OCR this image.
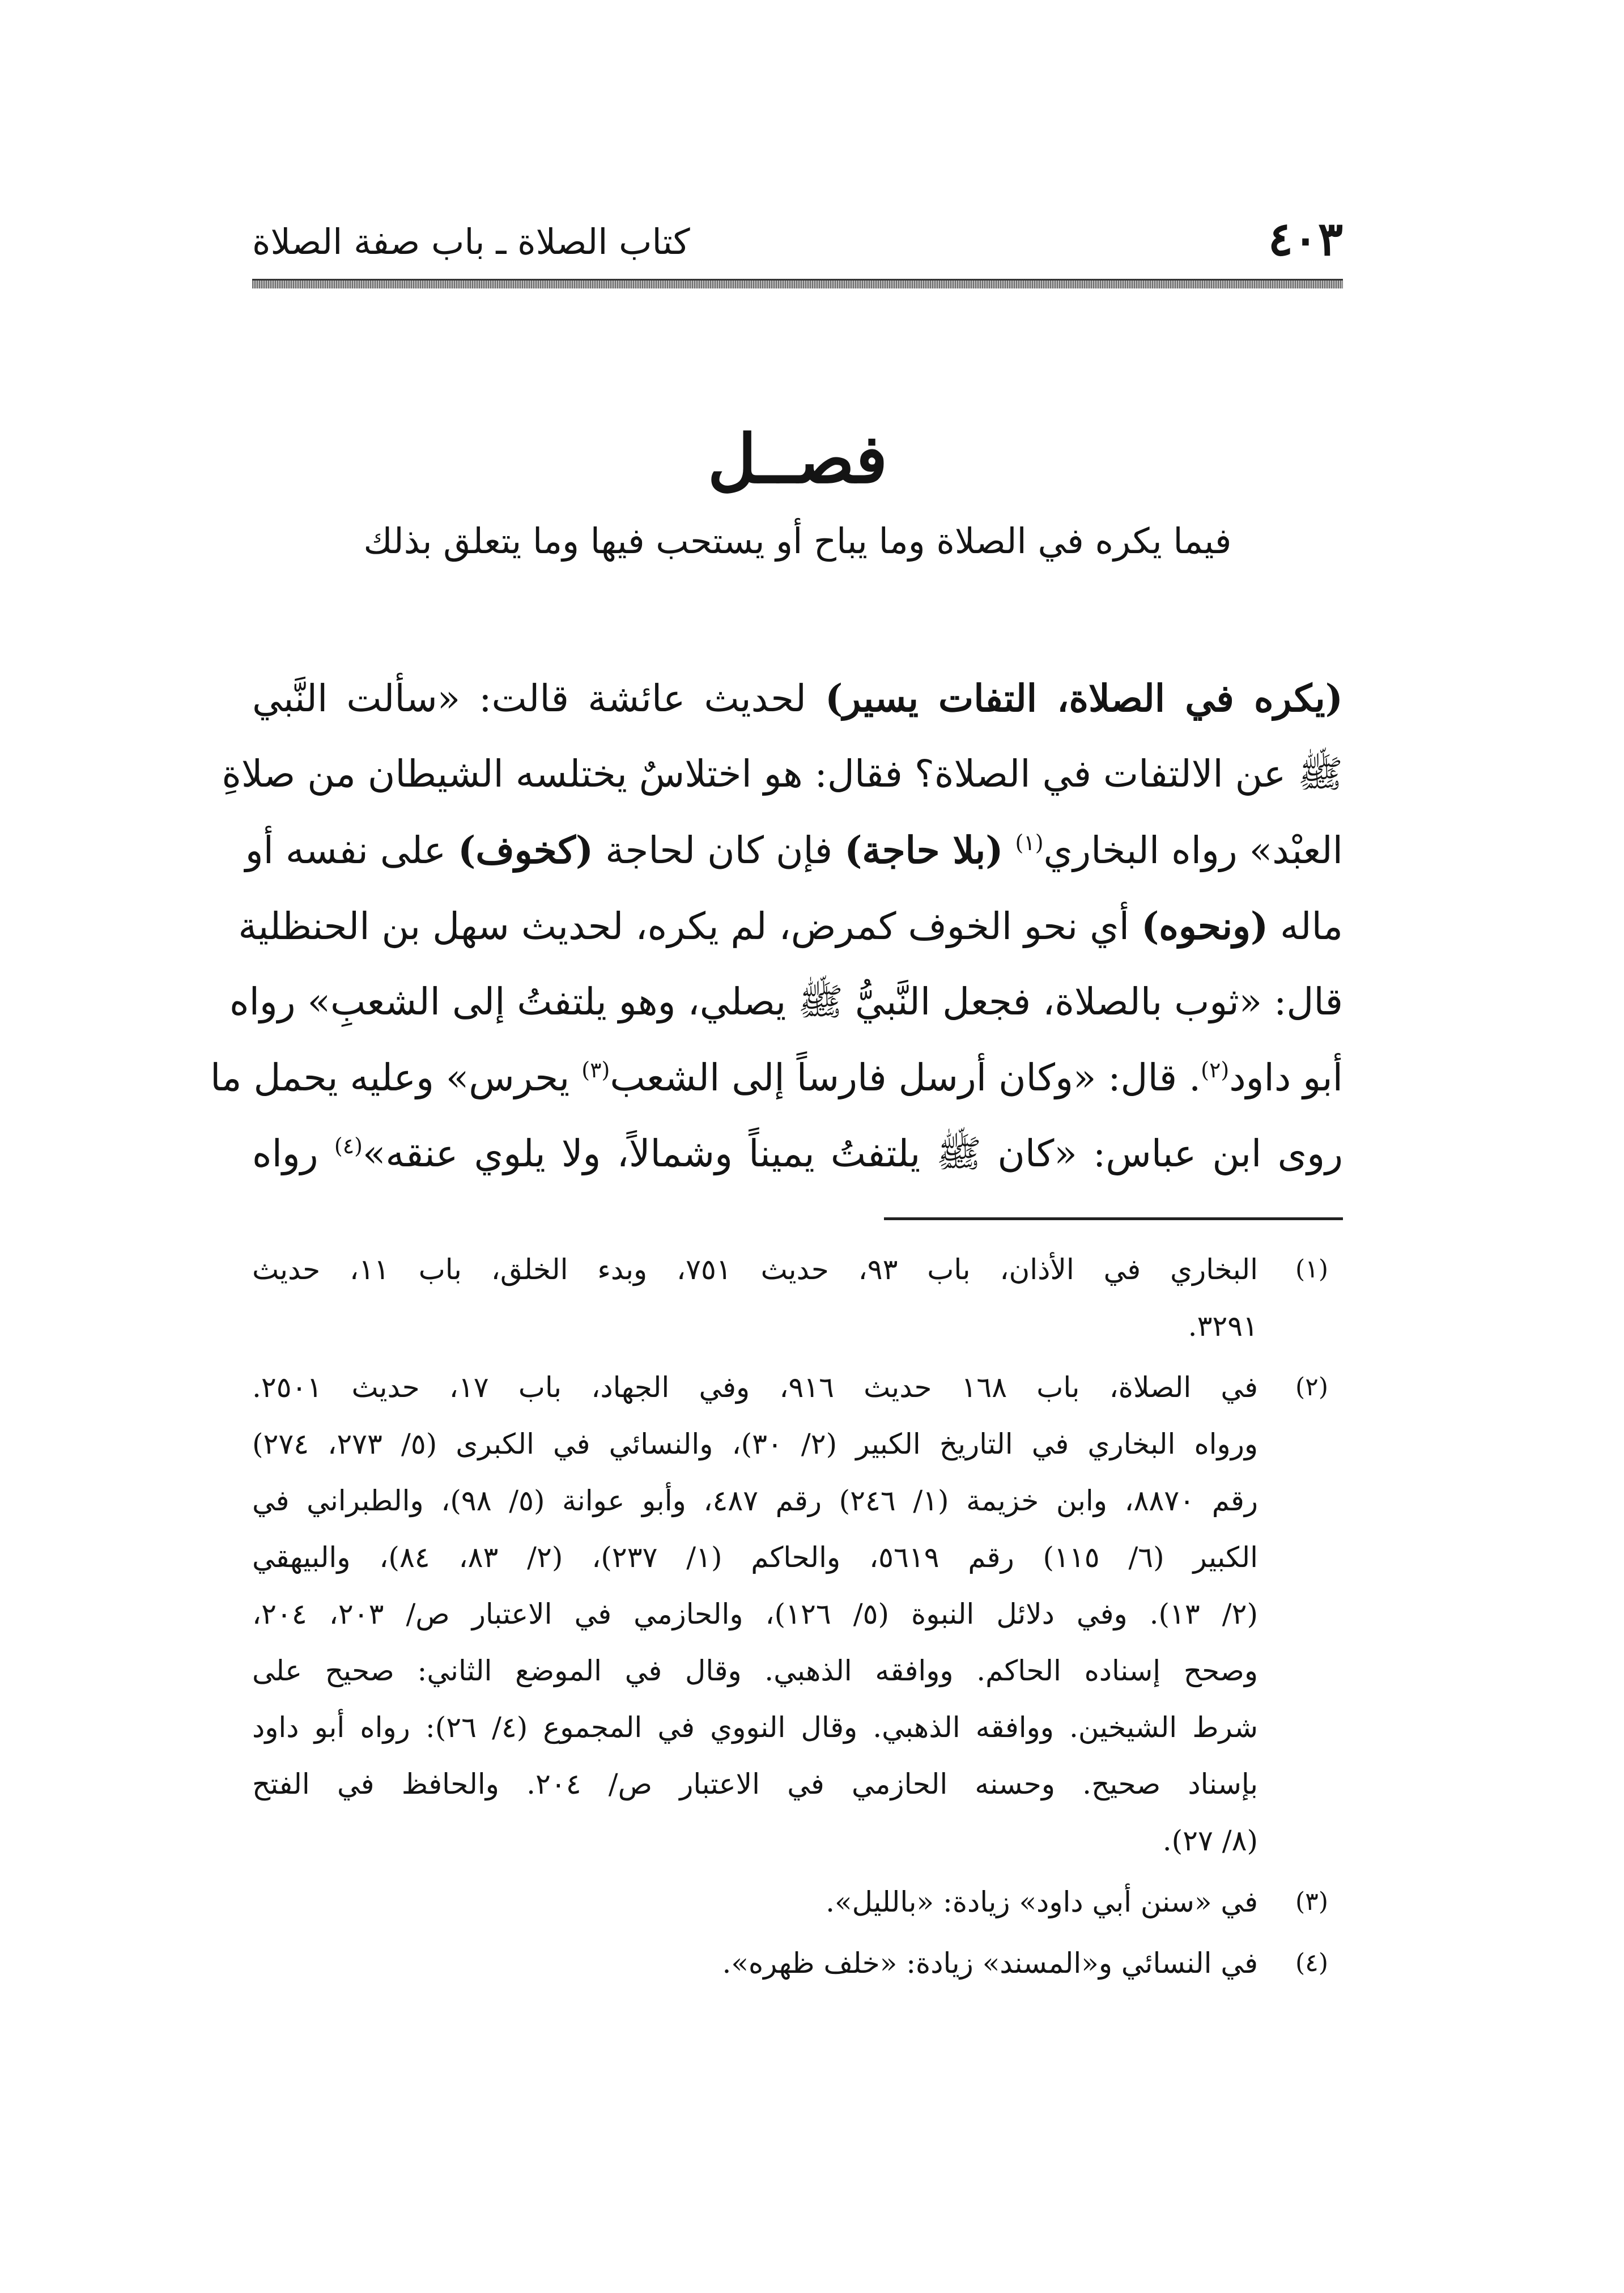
٤٠٣
كتاب الصلاة ـ باب صفة الصلاة
فصــل
فيما يكره في الصلاة وما يباح أو يستحب فيها وما يتعلق بذلك
(يكره في الصلاة، التفات يسير) لحديث عائشة قالت: «سألت النَّبي
ﷺ عن الالتفات في الصلاة؟ فقال: هو اختلاسٌ يختلسه الشيطان من صلاةِ
العبْد» رواه البخاري$^{(١)}$ (بلا حاجة) فإن كان لحاجة (كخوف) على نفسه أو
ماله (ونحوه) أي نحو الخوف كمرض، لم يكره، لحديث سهل بن الحنظلية
قال: «ثوب بالصلاة، فجعل النَّبيُّ ﷺ يصلي، وهو يلتفتُ إلى الشعبِ» رواه
أبو داود$^{(٢)}$. قال: «وكان أرسل فارساً إلى الشعب$^{(٣)}$ يحرس» وعليه يحمل ما
روى ابن عباس: «كان ﷺ يلتفتُ يميناً وشمالاً، ولا يلوي عنقه»$^{(٤)}$ رواه
(١)
البخاري في الأذان، باب ٩٣، حديث ٧٥١، وبدء الخلق، باب ١١، حديث
٣٢٩١.
(٢)
في الصلاة، باب ١٦٨ حديث ٩١٦، وفي الجهاد، باب ١٧، حديث ٢٥٠١.
ورواه البخاري في التاريخ الكبير (٢/ ٣٠)، والنسائي في الكبرى (٥/ ٢٧٣، ٢٧٤)
رقم ٨٨٧٠، وابن خزيمة (١/ ٢٤٦) رقم ٤٨٧، وأبو عوانة (٥/ ٩٨)، والطبراني في
الكبير (٦/ ١١٥) رقم ٥٦١٩، والحاكم (١/ ٢٣٧)، (٢/ ٨٣، ٨٤)، والبيهقي
(٢/ ١٣). وفي دلائل النبوة (٥/ ١٢٦)، والحازمي في الاعتبار ص/ ٢٠٣، ٢٠٤،
وصحح إسناده الحاكم. ووافقه الذهبي. وقال في الموضع الثاني: صحيح على
شرط الشيخين. ووافقه الذهبي. وقال النووي في المجموع (٤/ ٢٦): رواه أبو داود
بإسناد صحيح. وحسنه الحازمي في الاعتبار ص/ ٢٠٤. والحافظ في الفتح
(٨/ ٢٧).
(٣)
في «سنن أبي داود» زيادة: «بالليل».
(٤)
في النسائي و«المسند» زيادة: «خلف ظهره».
